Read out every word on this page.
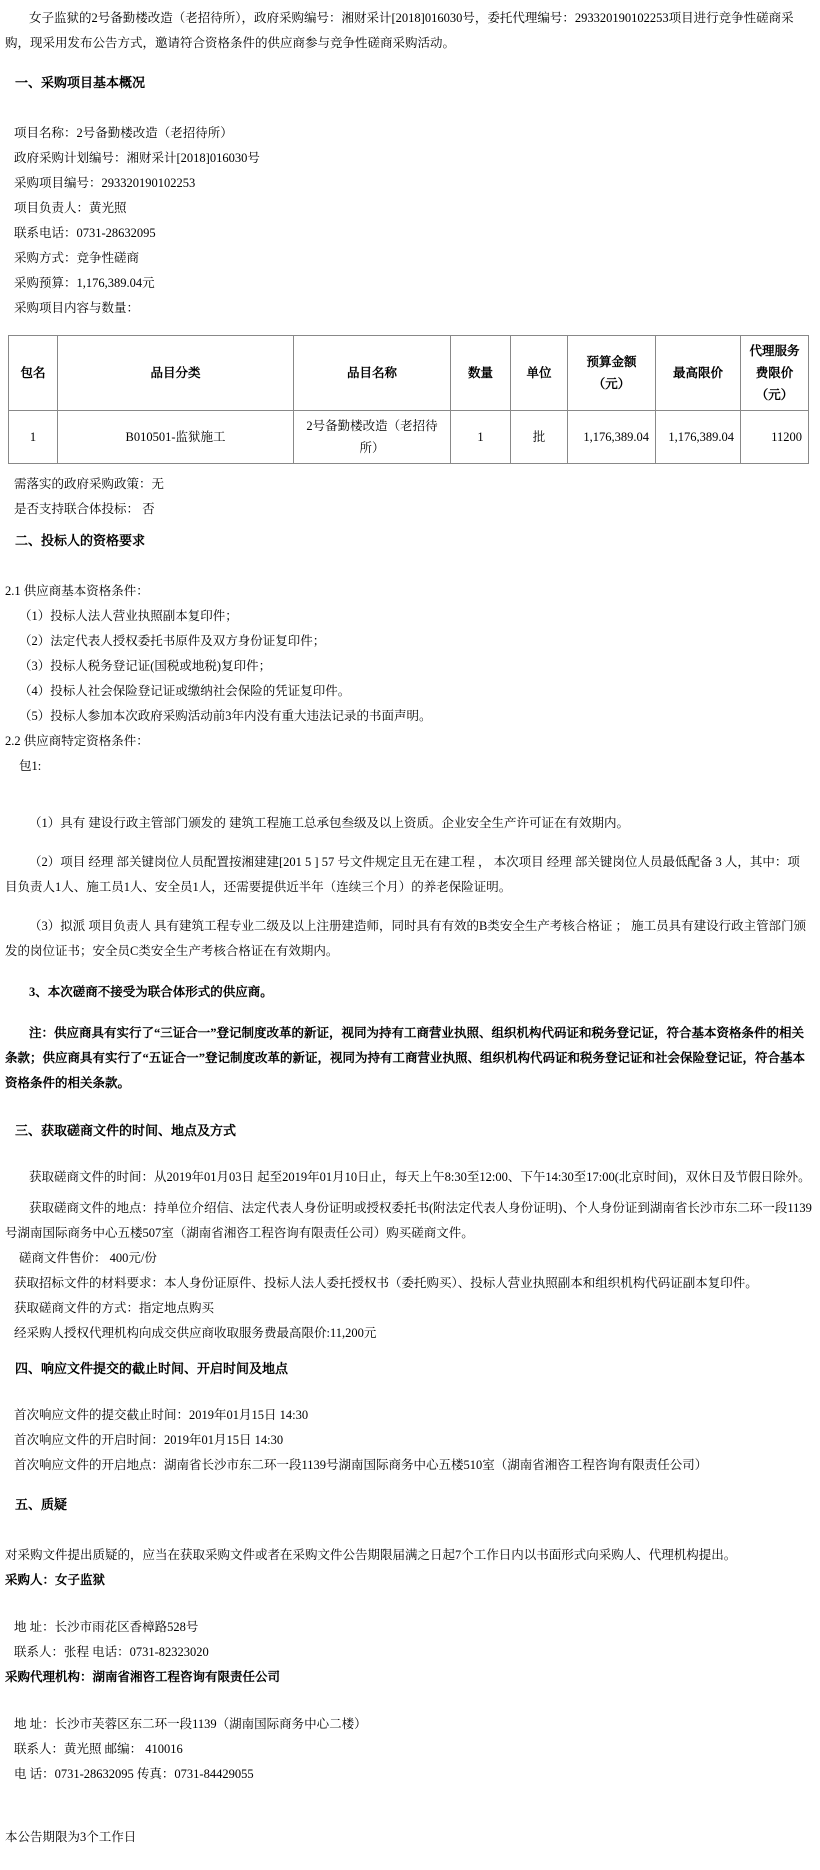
女子监狱的2号备勤楼改造（老招待所），政府采购编号：湘财采计[2018]016030号，委托代理编号：293320190102253项目进行竞争性磋商采购，现采用发布公告方式，邀请符合资格条件的供应商参与竞争性磋商采购活动。

一、采购项目基本概况

项目名称：2号备勤楼改造（老招待所）

政府采购计划编号：湘财采计[2018]016030号

采购项目编号：293320190102253

项目负责人：黄光照

联系电话：0731-28632095

采购方式：竞争性磋商

采购预算：1,176,389.04元

采购项目内容与数量：

包名	品目分类	品目名称	数量	单位	预算金额（元）	最高限价	代理服务费限价（元）
1	B010501-监狱施工	2号备勤楼改造（老招待所）	1	批	1,176,389.04	1,176,389.04	11200

需落实的政府采购政策：无

是否支持联合体投标： 否

二、投标人的资格要求

2.1 供应商基本资格条件：

（1）投标人法人营业执照副本复印件；

（2）法定代表人授权委托书原件及双方身份证复印件；

（3）投标人税务登记证(国税或地税)复印件；

（4）投标人社会保险登记证或缴纳社会保险的凭证复印件。

（5）投标人参加本次政府采购活动前3年内没有重大违法记录的书面声明。

2.2 供应商特定资格条件：

包1:

（1）具有 建设行政主管部门颁发的 建筑工程施工总承包叁级及以上资质。企业安全生产许可证在有效期内。

（2）项目 经理 部关键岗位人员配置按湘建建[201 5 ] 57 号文件规定且无在建工程 ， 本次项目 经理 部关键岗位人员最低配备 3 人，其中：项目负责人1人、施工员1人、安全员1人，还需要提供近半年（连续三个月）的养老保险证明。

（3）拟派 项目负责人 具有建筑工程专业二级及以上注册建造师，同时具有有效的B类安全生产考核合格证 ； 施工员具有建设行政主管部门颁发的岗位证书；安全员C类安全生产考核合格证在有效期内。

3、本次磋商不接受为联合体形式的供应商。

注：供应商具有实行了“三证合一”登记制度改革的新证，视同为持有工商营业执照、组织机构代码证和税务登记证，符合基本资格条件的相关条款；供应商具有实行了“五证合一”登记制度改革的新证，视同为持有工商营业执照、组织机构代码证和税务登记证和社会保险登记证，符合基本资格条件的相关条款。

三、获取磋商文件的时间、地点及方式

获取磋商文件的时间：从2019年01月03日 起至2019年01月10日止，每天上午8:30至12:00、下午14:30至17:00(北京时间)，双休日及节假日除外。

获取磋商文件的地点：持单位介绍信、法定代表人身份证明或授权委托书(附法定代表人身份证明)、个人身份证到湖南省长沙市东二环一段1139号湖南国际商务中心五楼507室（湖南省湘咨工程咨询有限责任公司）购买磋商文件。

磋商文件售价： 400元/份

获取招标文件的材料要求：本人身份证原件、投标人法人委托授权书（委托购买）、投标人营业执照副本和组织机构代码证副本复印件。

获取磋商文件的方式：指定地点购买

经采购人授权代理机构向成交供应商收取服务费最高限价:11,200元

四、响应文件提交的截止时间、开启时间及地点

首次响应文件的提交截止时间：2019年01月15日 14:30

首次响应文件的开启时间：2019年01月15日 14:30

首次响应文件的开启地点：湖南省长沙市东二环一段1139号湖南国际商务中心五楼510室（湖南省湘咨工程咨询有限责任公司）

五、质疑

对采购文件提出质疑的，应当在获取采购文件或者在采购文件公告期限届满之日起7个工作日内以书面形式向采购人、代理机构提出。

采购人：女子监狱

地 址：长沙市雨花区香樟路528号

联系人：张程 电话：0731-82323020

采购代理机构：湖南省湘咨工程咨询有限责任公司

地 址：长沙市芙蓉区东二环一段1139（湖南国际商务中心二楼）

联系人：黄光照 邮编： 410016

电 话：0731-28632095 传真：0731-84429055

本公告期限为3个工作日
